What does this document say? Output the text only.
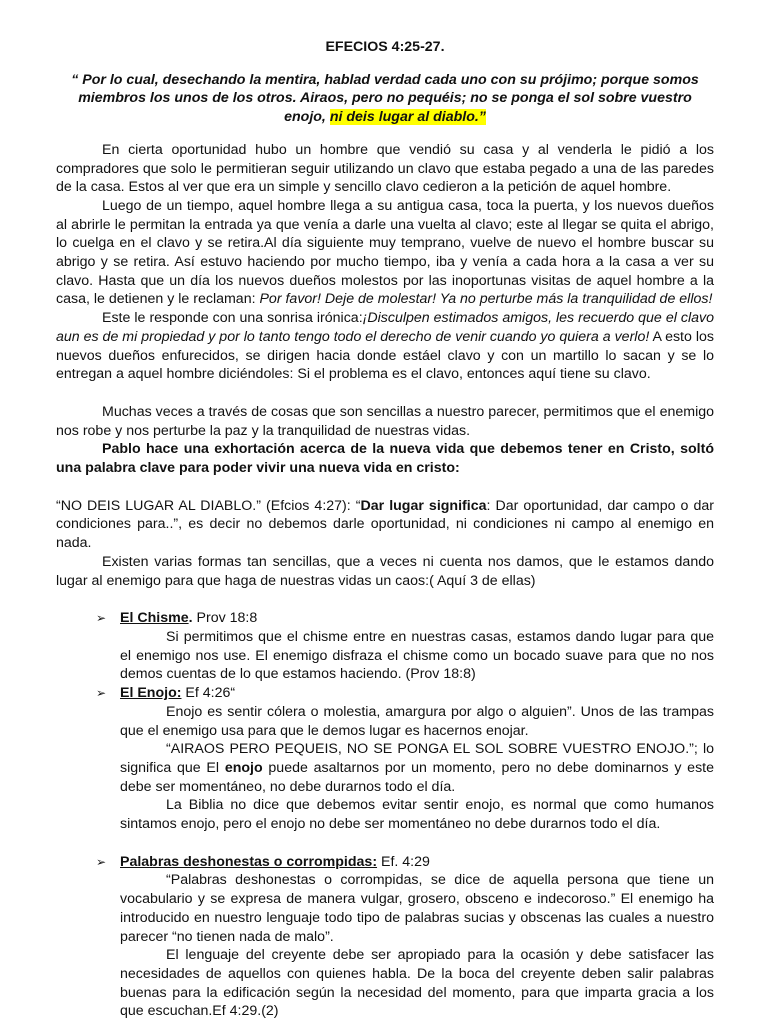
EFECIOS 4:25-27.
“ Por lo cual, desechando la mentira, hablad verdad cada uno con su prójimo; porque somos miembros los unos de los otros. Airaos, pero no pequéis; no se ponga el sol sobre vuestro enojo, ni deis lugar al diablo.”

En cierta oportunidad hubo un hombre que vendió su casa y al venderla le pidió a los compradores que solo le permitieran seguir utilizando un clavo que estaba pegado a una de las paredes de la casa. Estos al ver que era un simple y sencillo clavo cedieron a la petición de aquel hombre.

Luego de un tiempo, aquel hombre llega a su antigua casa, toca la puerta, y los nuevos dueños al abrirle le permitan la entrada ya que venía a darle una vuelta al clavo; este al llegar se quita el abrigo, lo cuelga en el clavo y se retira.Al día siguiente muy temprano, vuelve de nuevo el hombre buscar su abrigo y se retira. Así estuvo haciendo por mucho tiempo, iba y venía a cada hora a la casa a ver su clavo. Hasta que un día los nuevos dueños molestos por las inoportunas visitas de aquel hombre a la casa, le detienen y le reclaman: Por favor! Deje de molestar! Ya no perturbe más la tranquilidad de ellos!

Este le responde con una sonrisa irónica:¡Disculpen estimados amigos, les recuerdo que el clavo aun es de mi propiedad y por lo tanto tengo todo el derecho de venir cuando yo quiera a verlo! A esto los nuevos dueños enfurecidos, se dirigen hacia donde estáel clavo y con un martillo lo sacan y se lo entregan a aquel hombre diciéndoles: Si el problema es el clavo, entonces aquí tiene su clavo.

Muchas veces a través de cosas que son sencillas a nuestro parecer, permitimos que el enemigo nos robe y nos perturbe la paz y la tranquilidad de nuestras vidas.

Pablo hace una exhortación acerca de la nueva vida que debemos tener en Cristo, soltó una palabra clave para poder vivir una nueva vida en cristo:

“NO DEIS LUGAR AL DIABLO.” (Efcios 4:27): “Dar lugar significa: Dar oportunidad, dar campo o dar condiciones para..”, es decir no debemos darle oportunidad, ni condiciones ni campo al enemigo en nada.

Existen varias formas tan sencillas, que a veces ni cuenta nos damos, que le estamos dando lugar al enemigo para que haga de nuestras vidas un caos:( Aquí 3 de ellas)

➢ El Chisme. Prov 18:8

Si permitimos que el chisme entre en nuestras casas, estamos dando lugar para que el enemigo nos use. El enemigo disfraza el chisme como un bocado suave para que no nos demos cuentas de lo que estamos haciendo. (Prov 18:8)

➢ El Enojo: Ef 4:26“

Enojo es sentir cólera o molestia, amargura por algo o alguien”. Unos de las trampas que el enemigo usa para que le demos lugar es hacernos enojar.

“AIRAOS PERO PEQUEIS, NO SE PONGA EL SOL SOBRE VUESTRO ENOJO.”; lo significa que El enojo puede asaltarnos por un momento, pero no debe dominarnos y este debe ser momentáneo, no debe durarnos todo el día.

La Biblia no dice que debemos evitar sentir enojo, es normal que como humanos sintamos enojo, pero el enojo no debe ser momentáneo no debe durarnos todo el día.

➢ Palabras deshonestas o corrompidas: Ef. 4:29

“Palabras deshonestas o corrompidas, se dice de aquella persona que tiene un vocabulario y se expresa de manera vulgar, grosero, obsceno e indecoroso.” El enemigo ha introducido en nuestro lenguaje todo tipo de palabras sucias y obscenas las cuales a nuestro parecer “no tienen nada de malo”.

El lenguaje del creyente debe ser apropiado para la ocasión y debe satisfacer las necesidades de aquellos con quienes habla. De la boca del creyente deben salir palabras buenas para la edificación según la necesidad del momento, para que imparta gracia a los que escuchan.Ef 4:29.(2)
